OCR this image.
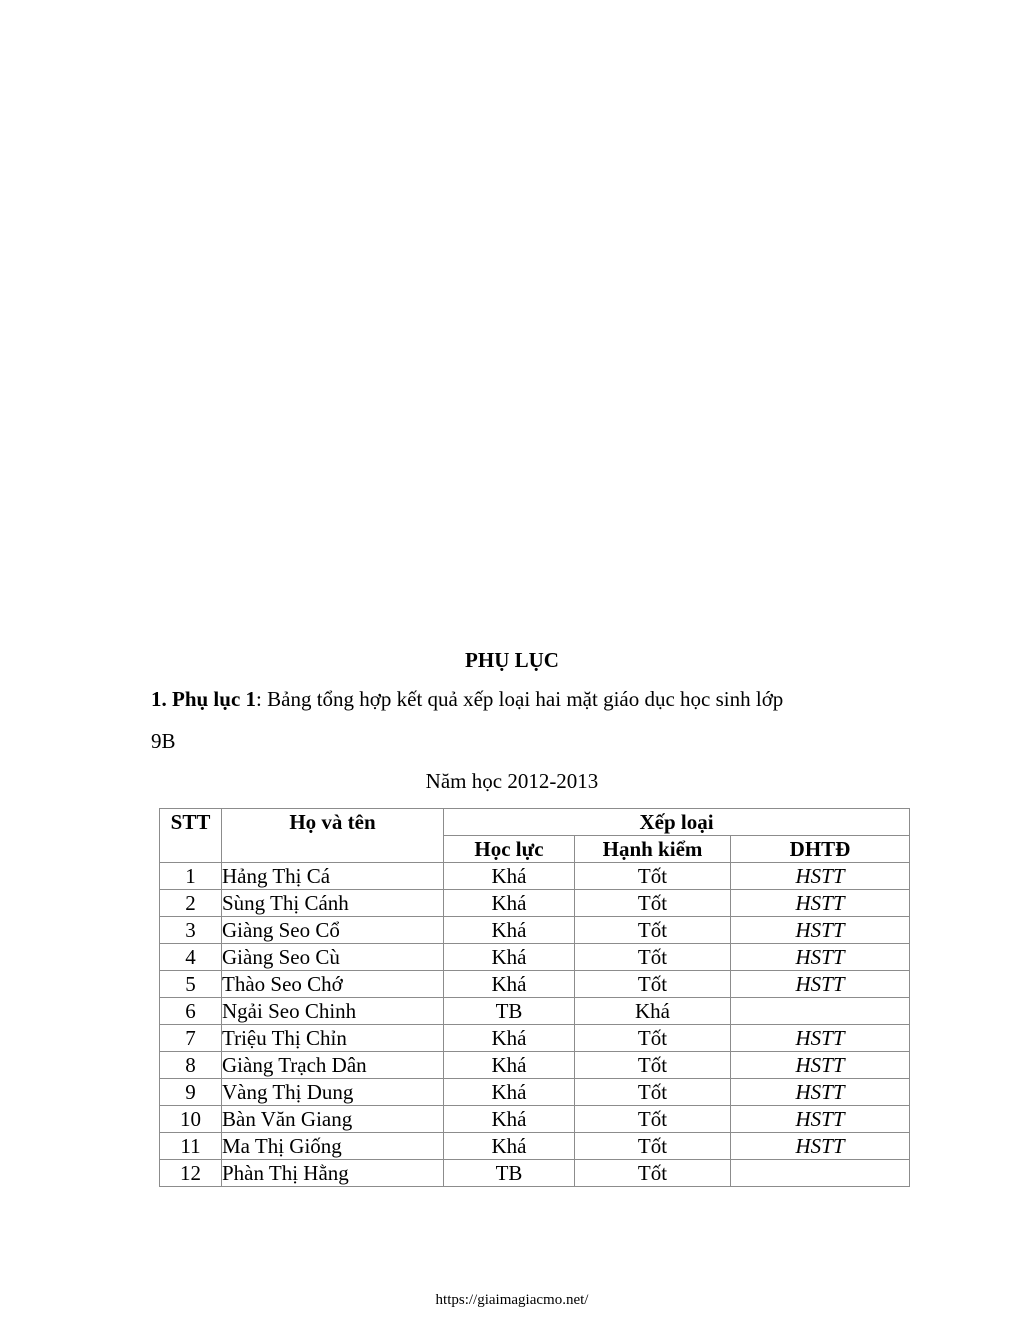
PHỤ LỤC
1. Phụ lục 1: Bảng tổng hợp kết quả xếp loại hai mặt giáo dục học sinh lớp
9B
Năm học 2012-2013
STT	Họ và tên	Xếp loại		
		Học lực	Hạnh kiểm	DHTĐ
1	Hảng Thị Cá	Khá	Tốt	HSTT
2	Sùng Thị Cánh	Khá	Tốt	HSTT
3	Giàng Seo Cổ	Khá	Tốt	HSTT
4	Giàng Seo Cù	Khá	Tốt	HSTT
5	Thào Seo Chớ	Khá	Tốt	HSTT
6	Ngải Seo Chinh	TB	Khá	
7	Triệu Thị Chỉn	Khá	Tốt	HSTT
8	Giàng Trạch Dân	Khá	Tốt	HSTT
9	Vàng Thị Dung	Khá	Tốt	HSTT
10	Bàn Văn Giang	Khá	Tốt	HSTT
11	Ma Thị Giống	Khá	Tốt	HSTT
12	Phàn Thị Hằng	TB	Tốt	
https://giaimagiacmo.net/
